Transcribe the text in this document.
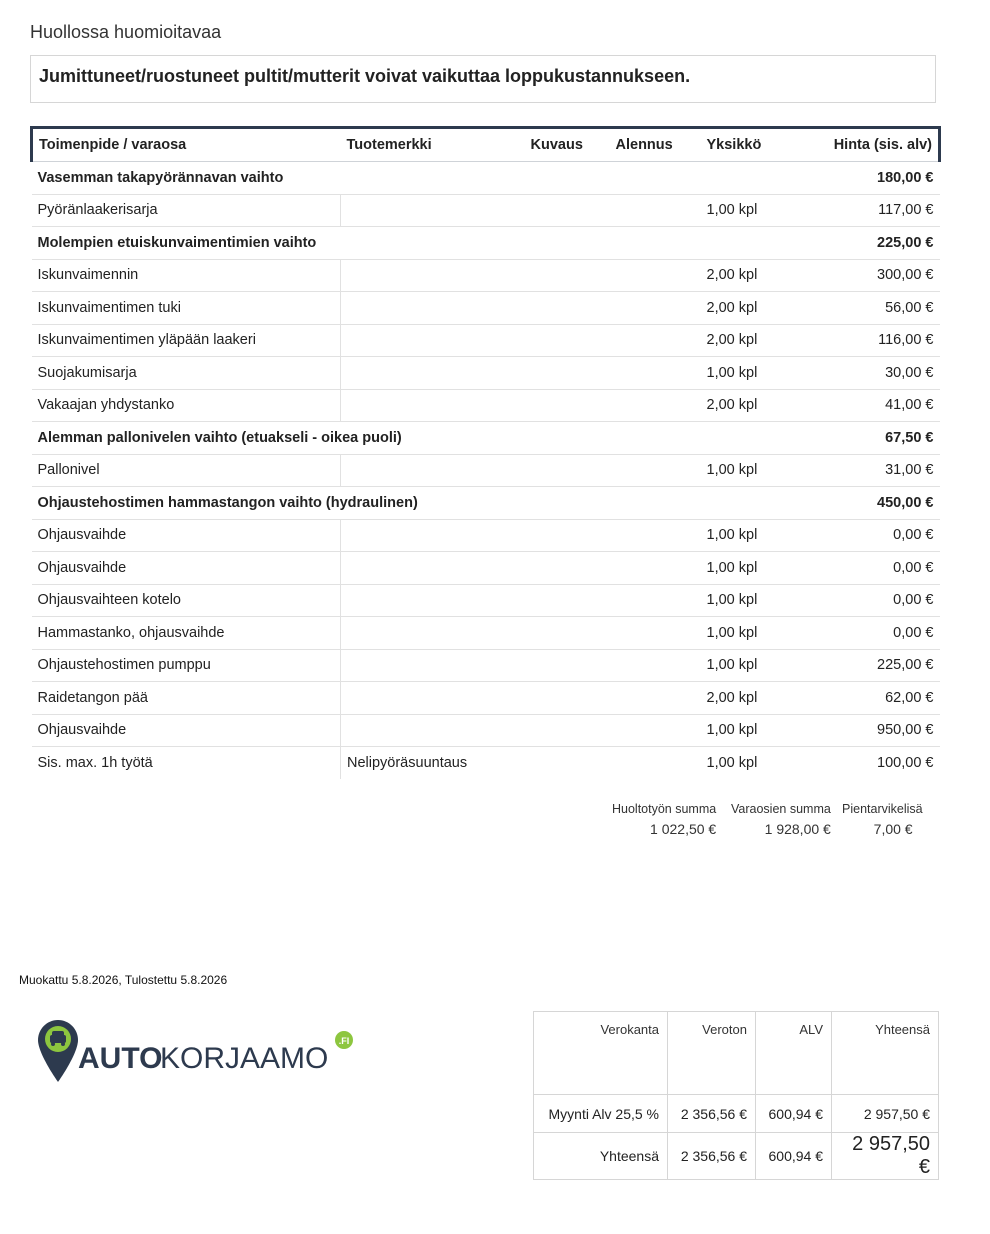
Huollossa huomioitavaa
Jumittuneet/ruostuneet pultit/mutterit voivat vaikuttaa loppukustannukseen.
Toimenpide / varaosa	Tuotemerkki	Kuvaus	Alennus	Yksikkö	Hinta (sis. alv)
Vasemman takapyörännavan vaihto					180,00 €
Pyöränlaakerisarja				1,00 kpl	117,00 €
Molempien etuiskunvaimentimien vaihto					225,00 €
Iskunvaimennin				2,00 kpl	300,00 €
Iskunvaimentimen tuki				2,00 kpl	56,00 €
Iskunvaimentimen yläpään laakeri				2,00 kpl	116,00 €
Suojakumisarja				1,00 kpl	30,00 €
Vakaajan yhdystanko				2,00 kpl	41,00 €
Alemman pallonivelen vaihto (etuakseli - oikea puoli)					67,50 €
Pallonivel				1,00 kpl	31,00 €
Ohjaustehostimen hammastangon vaihto (hydraulinen)					450,00 €
Ohjausvaihde				1,00 kpl	0,00 €
Ohjausvaihde				1,00 kpl	0,00 €
Ohjausvaihteen kotelo				1,00 kpl	0,00 €
Hammastanko, ohjausvaihde				1,00 kpl	0,00 €
Ohjaustehostimen pumppu				1,00 kpl	225,00 €
Raidetangon pää				2,00 kpl	62,00 €
Ohjausvaihde				1,00 kpl	950,00 €
Sis. max. 1h työtä	Nelipyöräsuuntaus			1,00 kpl	100,00 €
Huoltotyön summa
1 022,50 €
Varaosien summa
1 928,00 €
Pientarvikelisä
7,00 €
Muokattu 5.8.2026, Tulostettu 5.8.2026
AUTO
KORJAAMO
.FI
Verokanta	Veroton	ALV	Yhteensä
Myynti Alv 25,5 %	2 356,56 €	600,94 €	2 957,50 €
Yhteensä	2 356,56 €	600,94 €	2 957,50 €
